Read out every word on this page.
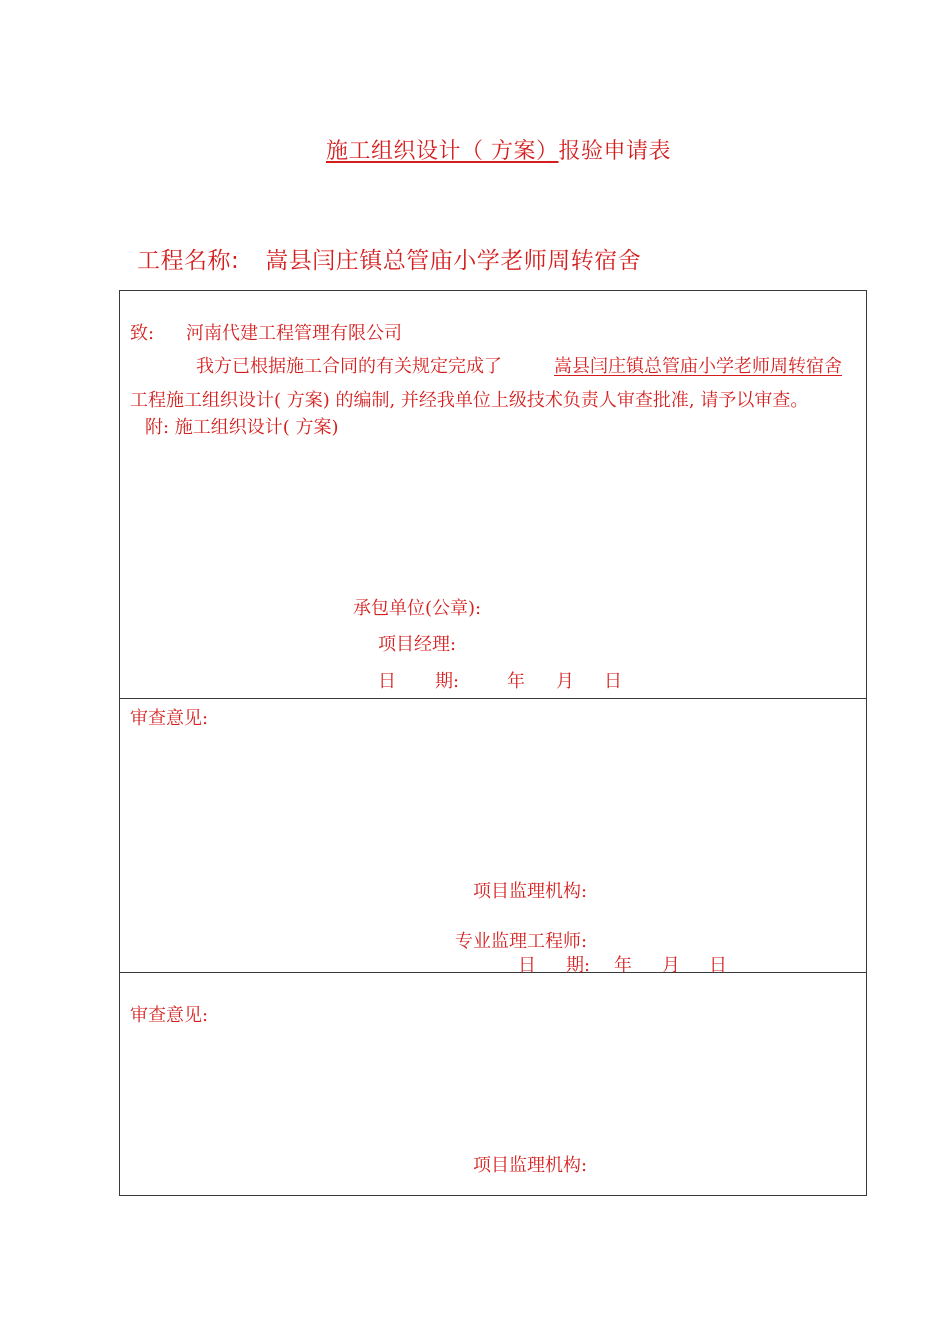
施工组织设计（ 方案）报验申请表
工程名称: 嵩县闫庄镇总管庙小学老师周转宿舍
致: 河南代建工程管理有限公司
我方已根据施工合同的有关规定完成了	嵩县闫庄镇总管庙小学老师周转宿舍
工程施工组织设计( 方案) 的编制, 并经我单位上级技术负责人审查批准, 请予以审查。
附: 施工组织设计( 方案)
承包单位(公章):
项目经理:
日 期:	年 月 日
审查意见:
项目监理机构:
专业监理工程师:
日 期: 年 月 日
审查意见:
项目监理机构:
